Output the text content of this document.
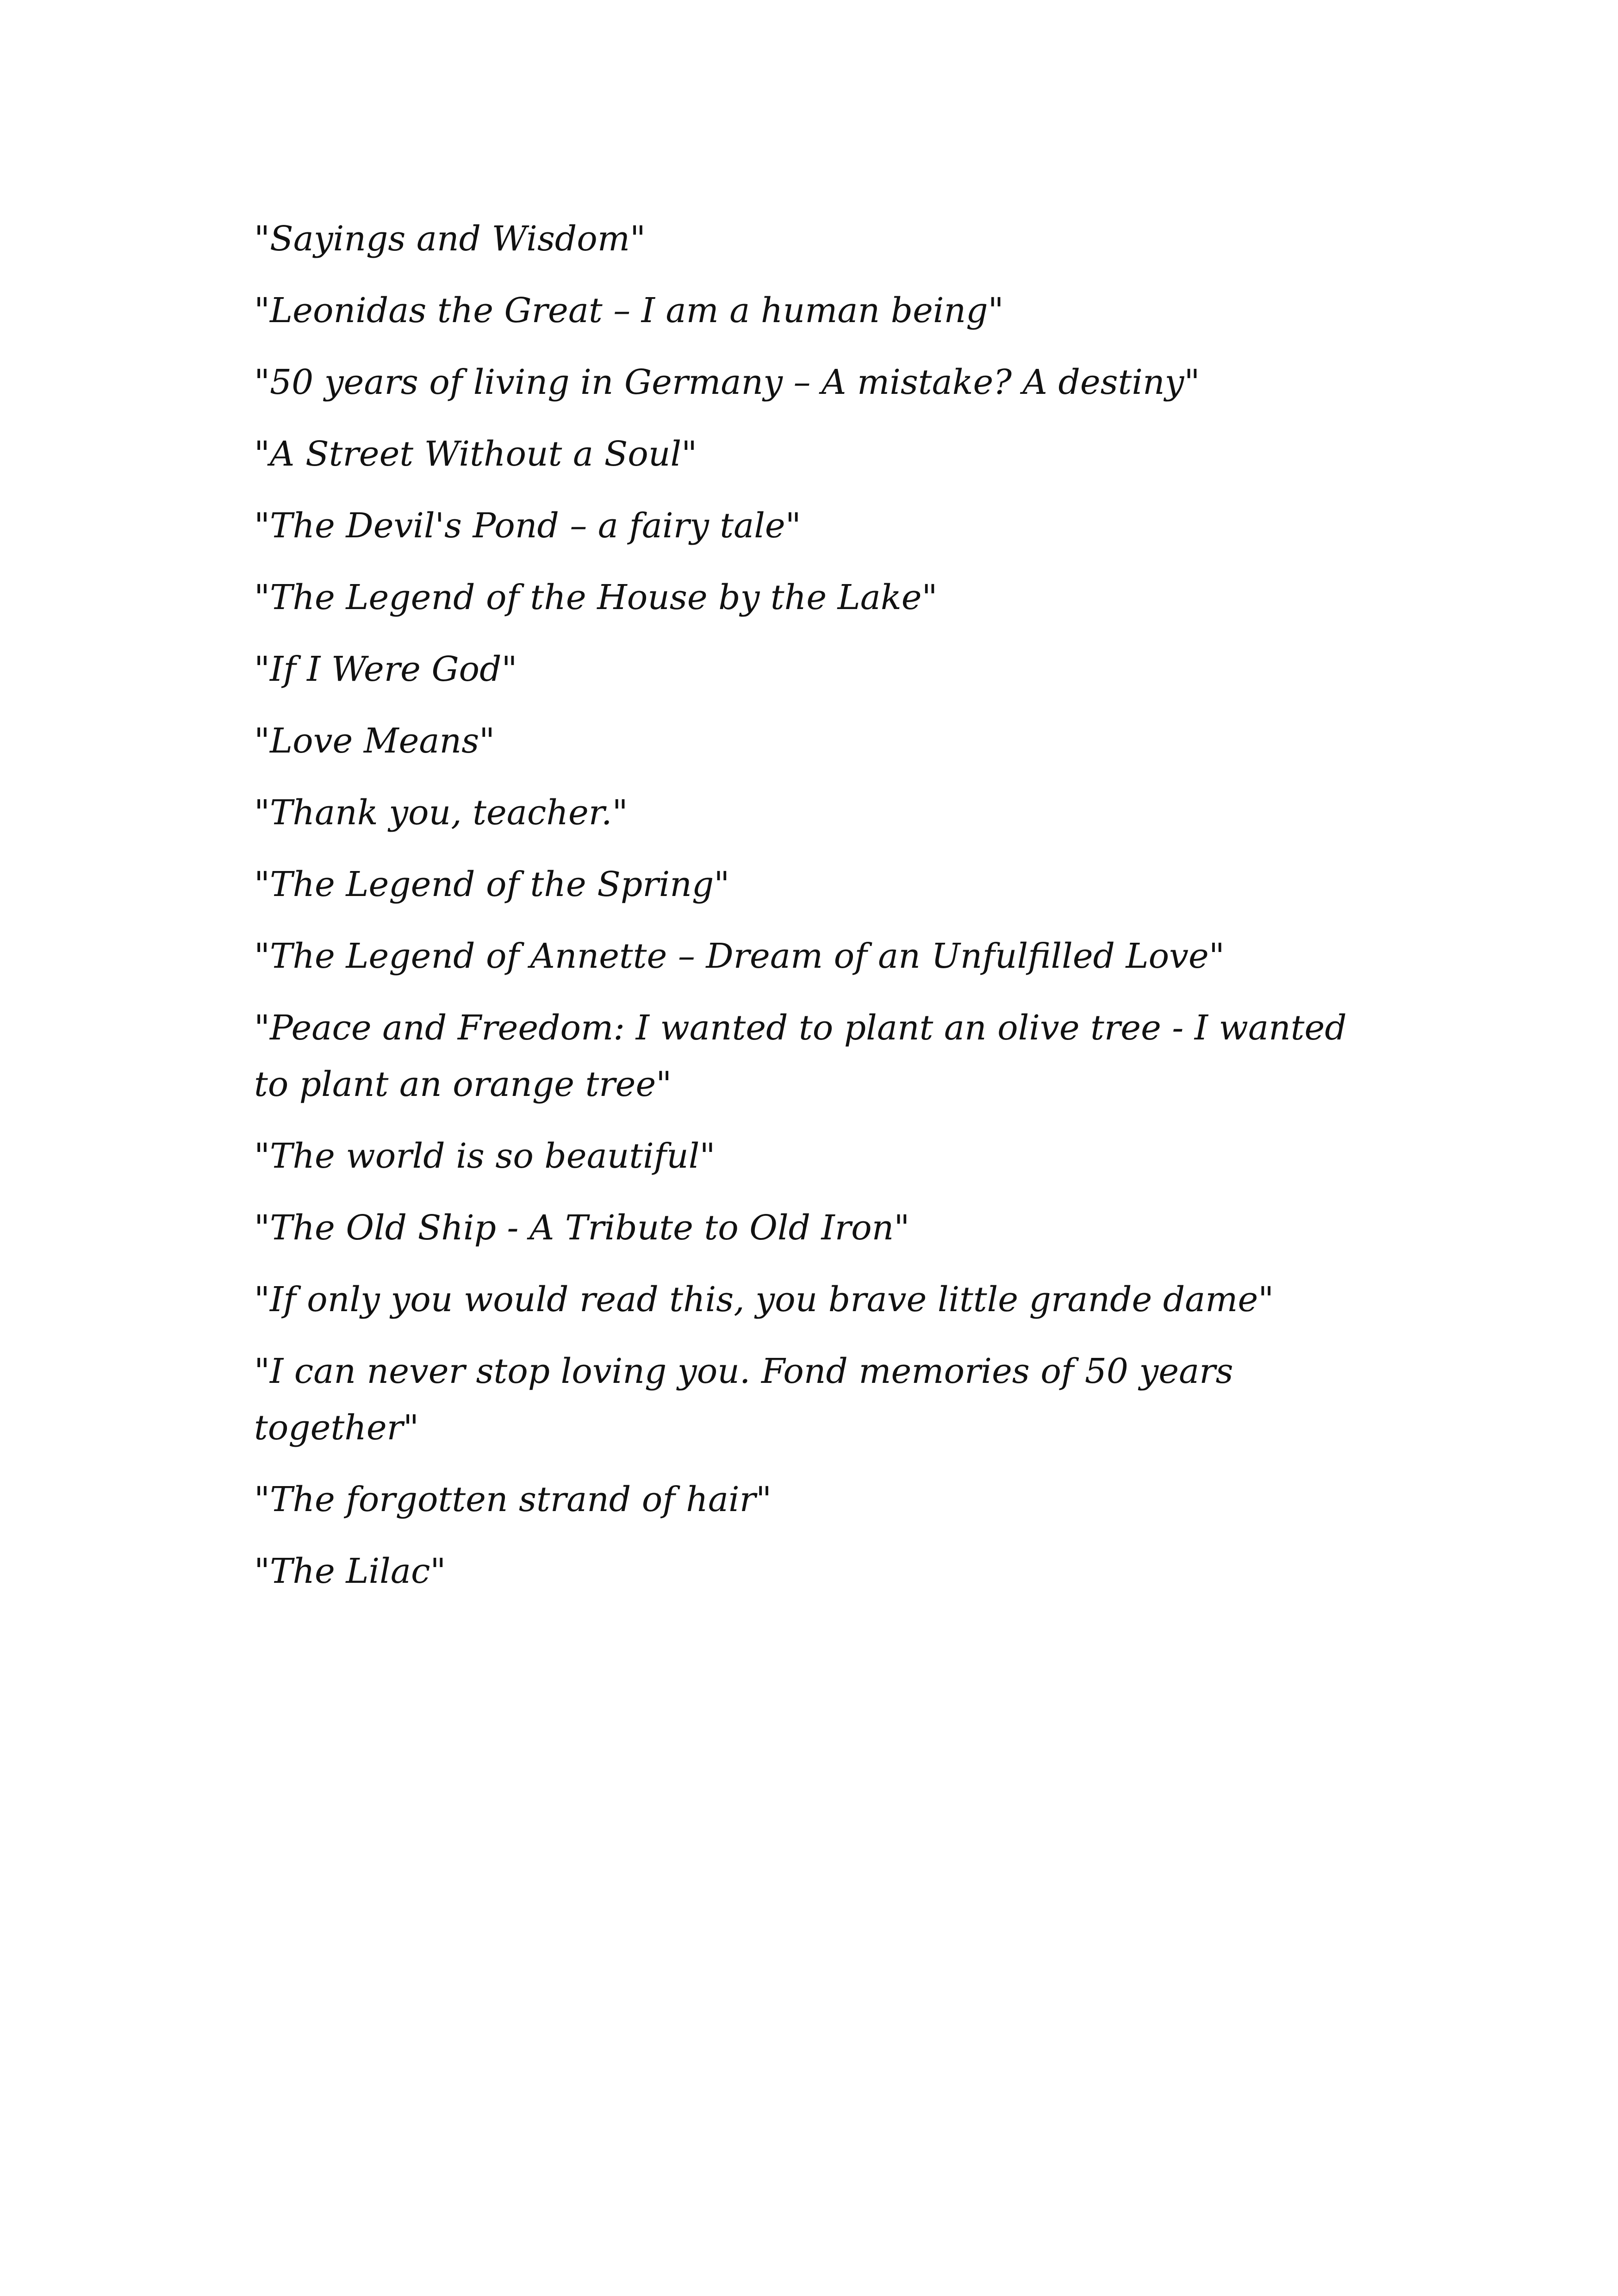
"Sayings and Wisdom"
"Leonidas the Great – I am a human being"
"50 years of living in Germany – A mistake? A destiny"
"A Street Without a Soul"
"The Devil's Pond – a fairy tale"
"The Legend of the House by the Lake"
"If I Were God"
"Love Means"
"Thank you, teacher."
"The Legend of the Spring"
"The Legend of Annette – Dream of an Unfulfilled Love"
"Peace and Freedom: I wanted to plant an olive tree - I wanted to plant an orange tree"
"The world is so beautiful"
"The Old Ship - A Tribute to Old Iron"
"If only you would read this, you brave little grande dame"
"I can never stop loving you. Fond memories of 50 years together"
"The forgotten strand of hair"
"The Lilac"
